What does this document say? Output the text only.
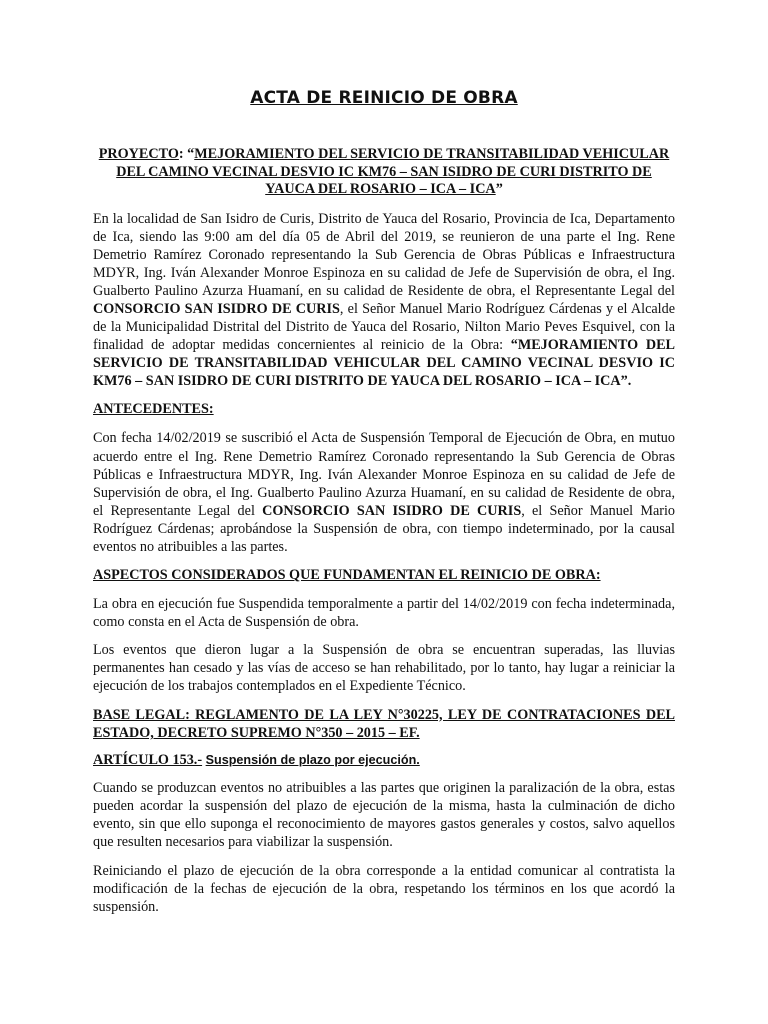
ACTA DE REINICIO DE OBRA
PROYECTO: “MEJORAMIENTO DEL SERVICIO DE TRANSITABILIDAD VEHICULAR DEL CAMINO VECINAL DESVIO IC KM76 – SAN ISIDRO DE CURI DISTRITO DE YAUCA DEL ROSARIO – ICA – ICA”

En la localidad de San Isidro de Curis, Distrito de Yauca del Rosario, Provincia de Ica, Departamento de Ica, siendo las 9:00 am del día 05 de Abril del 2019, se reunieron de una parte el Ing. Rene Demetrio Ramírez Coronado representando la Sub Gerencia de Obras Públicas e Infraestructura MDYR, Ing. Iván Alexander Monroe Espinoza en su calidad de Jefe de Supervisión de obra, el Ing. Gualberto Paulino Azurza Huamaní, en su calidad de Residente de obra, el Representante Legal del CONSORCIO SAN ISIDRO DE CURIS, el Señor Manuel Mario Rodríguez Cárdenas y el Alcalde de la Municipalidad Distrital del Distrito de Yauca del Rosario, Nilton Mario Peves Esquivel, con la finalidad de adoptar medidas concernientes al reinicio de la Obra: “MEJORAMIENTO DEL SERVICIO DE TRANSITABILIDAD VEHICULAR DEL CAMINO VECINAL DESVIO IC KM76 – SAN ISIDRO DE CURI DISTRITO DE YAUCA DEL ROSARIO – ICA – ICA”.

ANTECEDENTES:

Con fecha 14/02/2019 se suscribió el Acta de Suspensión Temporal de Ejecución de Obra, en mutuo acuerdo entre el Ing. Rene Demetrio Ramírez Coronado representando la Sub Gerencia de Obras Públicas e Infraestructura MDYR, Ing. Iván Alexander Monroe Espinoza en su calidad de Jefe de Supervisión de obra, el Ing. Gualberto Paulino Azurza Huamaní, en su calidad de Residente de obra, el Representante Legal del CONSORCIO SAN ISIDRO DE CURIS, el Señor Manuel Mario Rodríguez Cárdenas; aprobándose la Suspensión de obra, con tiempo indeterminado, por la causal eventos no atribuibles a las partes.

ASPECTOS CONSIDERADOS QUE FUNDAMENTAN EL REINICIO DE OBRA:

La obra en ejecución fue Suspendida temporalmente a partir del 14/02/2019 con fecha indeterminada, como consta en el Acta de Suspensión de obra.

Los eventos que dieron lugar a la Suspensión de obra se encuentran superadas, las lluvias permanentes han cesado y las vías de acceso se han rehabilitado, por lo tanto, hay lugar a reiniciar la ejecución de los trabajos contemplados en el Expediente Técnico.

BASE LEGAL: REGLAMENTO DE LA LEY N°30225, LEY DE CONTRATACIONES DEL ESTADO, DECRETO SUPREMO N°350 – 2015 – EF.
ARTÍCULO 153.- Suspensión de plazo por ejecución.

Cuando se produzcan eventos no atribuibles a las partes que originen la paralización de la obra, estas pueden acordar la suspensión del plazo de ejecución de la misma, hasta la culminación de dicho evento, sin que ello suponga el reconocimiento de mayores gastos generales y costos, salvo aquellos que resulten necesarios para viabilizar la suspensión.

Reiniciando el plazo de ejecución de la obra corresponde a la entidad comunicar al contratista la modificación de la fechas de ejecución de la obra, respetando los términos en los que acordó la suspensión.
